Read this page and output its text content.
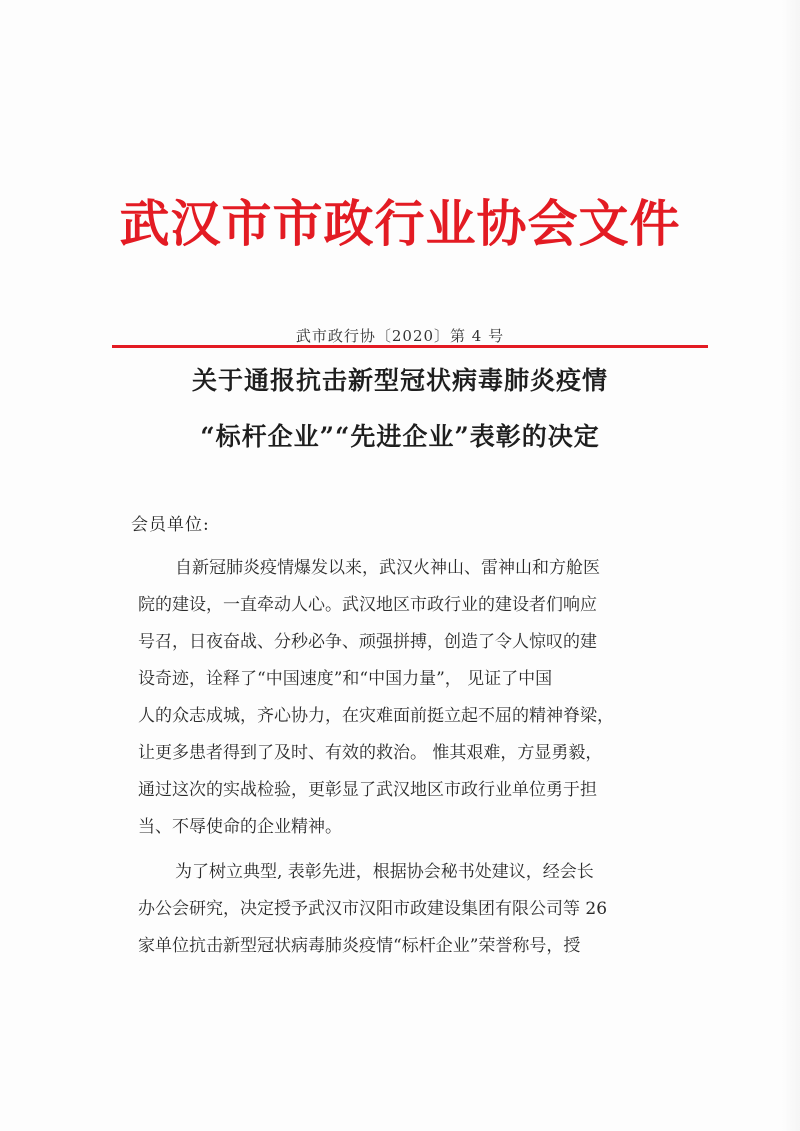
武汉市市政行业协会文件
武市政行协〔2020〕第 4 号
关于通报抗击新型冠状病毒肺炎疫情
“标杆企业”“先进企业”表彰的决定
会员单位:
自新冠肺炎疫情爆发以来，武汉火神山、雷神山和方舱医
院的建设，一直牵动人心。武汉地区市政行业的建设者们响应
号召，日夜奋战、分秒必争、顽强拼搏，创造了令人惊叹的建
设奇迹，诠释了“中国速度”和“中国力量”， 见证了中国
人的众志成城，齐心协力，在灾难面前挺立起不屈的精神脊梁，
让更多患者得到了及时、有效的救治。 惟其艰难，方显勇毅，
通过这次的实战检验，更彰显了武汉地区市政行业单位勇于担
当、不辱使命的企业精神。
为了树立典型, 表彰先进，根据协会秘书处建议，经会长
办公会研究，决定授予武汉市汉阳市政建设集团有限公司等 26
家单位抗击新型冠状病毒肺炎疫情“标杆企业”荣誉称号，授
